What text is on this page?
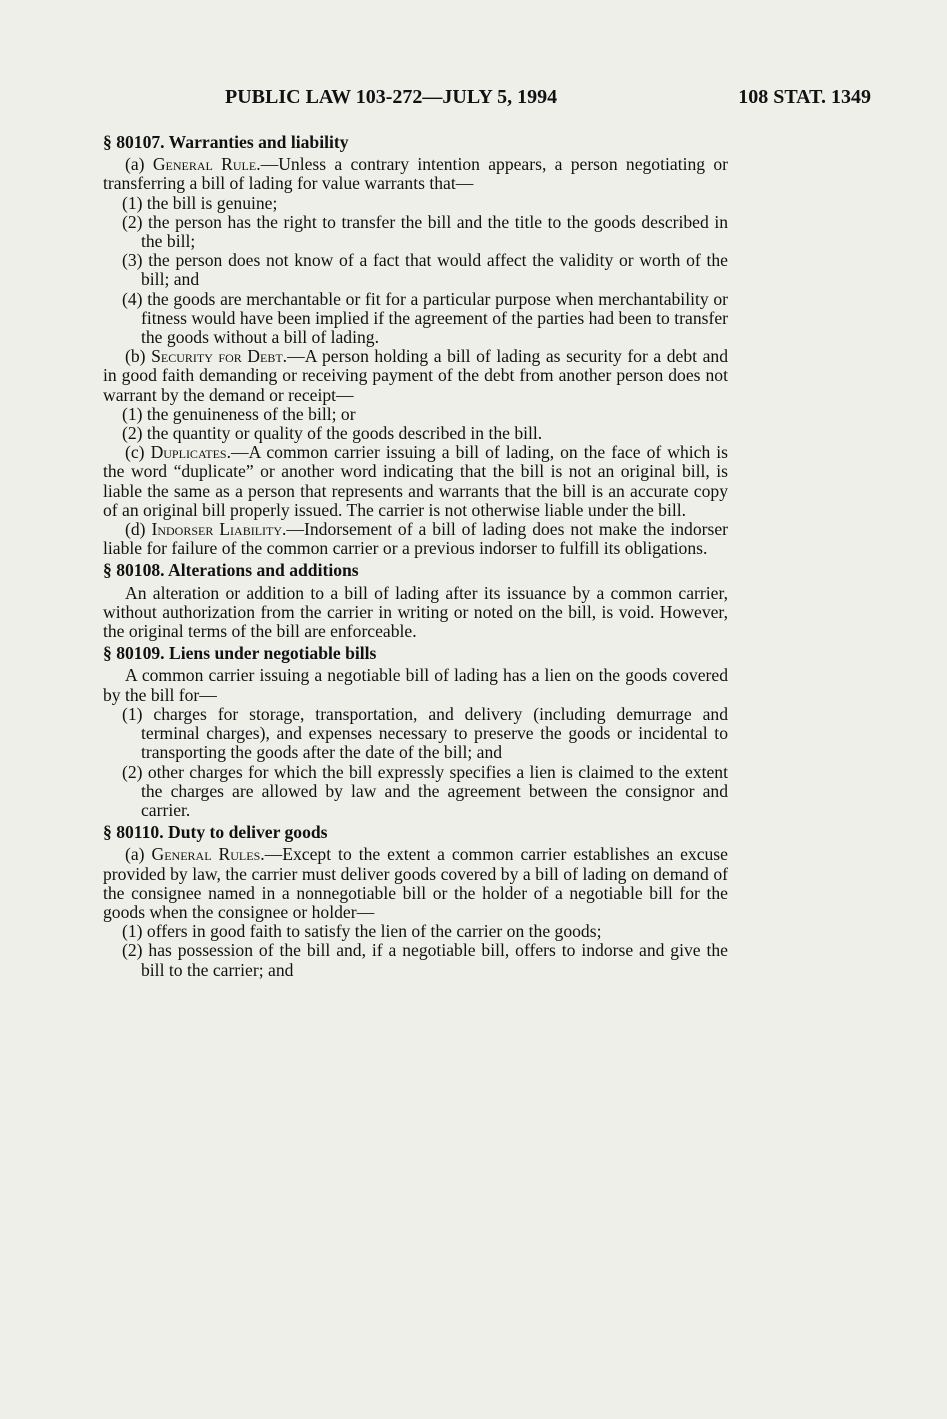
PUBLIC LAW 103-272—JULY 5, 1994	108 STAT. 1349
§ 80107. Warranties and liability

(a) General Rule.—Unless a contrary intention appears, a person negotiating or transferring a bill of lading for value warrants that—

(1) the bill is genuine;

(2) the person has the right to transfer the bill and the title to the goods described in the bill;

(3) the person does not know of a fact that would affect the validity or worth of the bill; and

(4) the goods are merchantable or fit for a particular purpose when merchantability or fitness would have been implied if the agreement of the parties had been to transfer the goods without a bill of lading.

(b) Security for Debt.—A person holding a bill of lading as security for a debt and in good faith demanding or receiving payment of the debt from another person does not warrant by the demand or receipt—

(1) the genuineness of the bill; or

(2) the quantity or quality of the goods described in the bill.

(c) Duplicates.—A common carrier issuing a bill of lading, on the face of which is the word “duplicate” or another word indicating that the bill is not an original bill, is liable the same as a person that represents and warrants that the bill is an accurate copy of an original bill properly issued. The carrier is not otherwise liable under the bill.

(d) Indorser Liability.—Indorsement of a bill of lading does not make the indorser liable for failure of the common carrier or a previous indorser to fulfill its obligations.

§ 80108. Alterations and additions

An alteration or addition to a bill of lading after its issuance by a common carrier, without authorization from the carrier in writing or noted on the bill, is void. However, the original terms of the bill are enforceable.

§ 80109. Liens under negotiable bills

A common carrier issuing a negotiable bill of lading has a lien on the goods covered by the bill for—

(1) charges for storage, transportation, and delivery (including demurrage and terminal charges), and expenses necessary to preserve the goods or incidental to transporting the goods after the date of the bill; and

(2) other charges for which the bill expressly specifies a lien is claimed to the extent the charges are allowed by law and the agreement between the consignor and carrier.

§ 80110. Duty to deliver goods

(a) General Rules.—Except to the extent a common carrier establishes an excuse provided by law, the carrier must deliver goods covered by a bill of lading on demand of the consignee named in a nonnegotiable bill or the holder of a negotiable bill for the goods when the consignee or holder—

(1) offers in good faith to satisfy the lien of the carrier on the goods;

(2) has possession of the bill and, if a negotiable bill, offers to indorse and give the bill to the carrier; and
